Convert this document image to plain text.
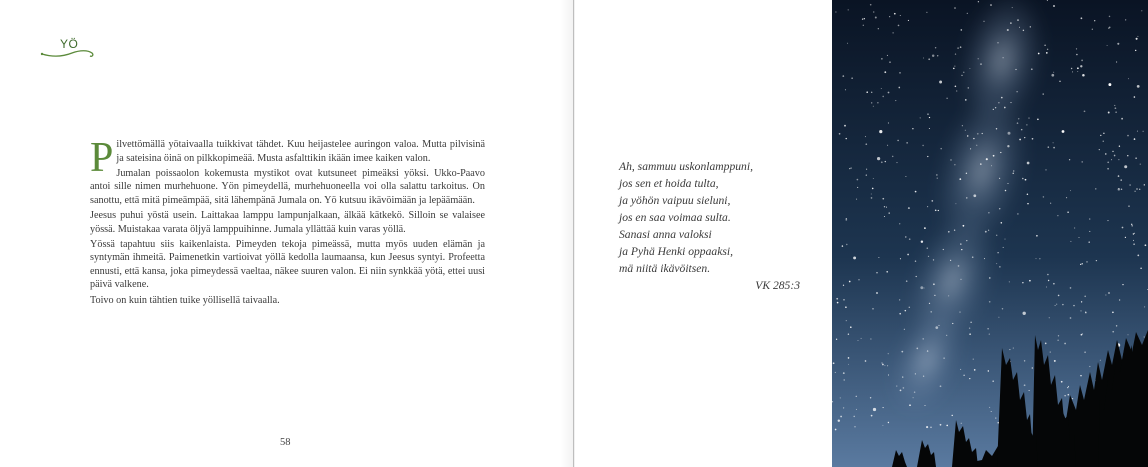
YÖ

Pilvettömällä yötaivaalla tuikkivat tähdet. Kuu heijastelee auringon valoa. Mutta pilvisinä ja sateisina öinä on pilkkopimeää. Musta asfalttikin ikään imee kaiken valon.

Jumalan poissaolon kokemusta mystikot ovat kutsuneet pimeäksi yöksi. Ukko-Paavo antoi sille nimen murhehuone. Yön pimeydellä, murhehuoneella voi olla salattu tarkoitus. On sanottu, että mitä pimeämpää, sitä lähempänä Jumala on. Yö kutsuu ikävöimään ja lepäämään.

Jeesus puhui yöstä usein. Laittakaa lamppu lampunjalkaan, älkää kätkekö. Silloin se valaisee yössä. Muistakaa varata öljyä lamppuihinne. Jumala yllättää kuin varas yöllä.

Yössä tapahtuu siis kaikenlaista. Pimeyden tekoja pimeässä, mutta myös uuden elämän ja syntymän ihmeitä. Paimenetkin vartioivat yöllä kedolla laumaansa, kun Jeesus syntyi. Profeetta ennusti, että kansa, joka pimeydessä vaeltaa, näkee suuren valon. Ei niin synkkää yötä, ettei uusi päivä valkene.

Toivo on kuin tähtien tuike yöllisellä taivaalla.

58
Ah, sammuu uskonlamppuni,
jos sen et hoida tulta,
ja yöhön vaipuu sieluni,
jos en saa voimaa sulta.
Sanasi anna valoksi
ja Pyhä Henki oppaaksi,
mä niitä ikävöitsen.
VK 285:3
